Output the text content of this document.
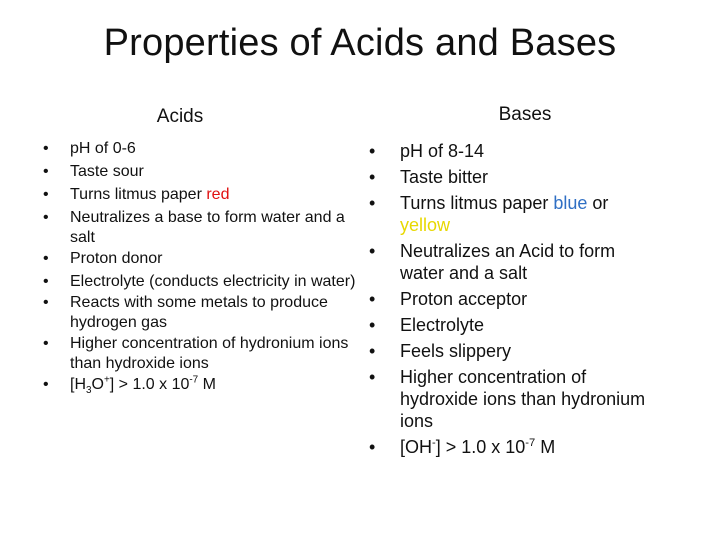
Properties of Acids and Bases
Acids	Bases
• pH of 0-6
• Taste sour
• Turns litmus paper red
• Neutralizes a base to form water and a salt
• Proton donor
• Electrolyte (conducts electricity in water)
• Reacts with some metals to produce hydrogen gas
• Higher concentration of hydronium ions than hydroxide ions
• $[H_3O^+] > 1.0$ x $10^{-7}$ M
• pH of 8-14
• Taste bitter
• Turns litmus paper blue or yellow
• Neutralizes an Acid to form water and a salt
• Proton acceptor
• Electrolyte
• Feels slippery
• Higher concentration of hydroxide ions than hydronium ions
• [OH-] > 1.0 x $10^{-7}$ M
